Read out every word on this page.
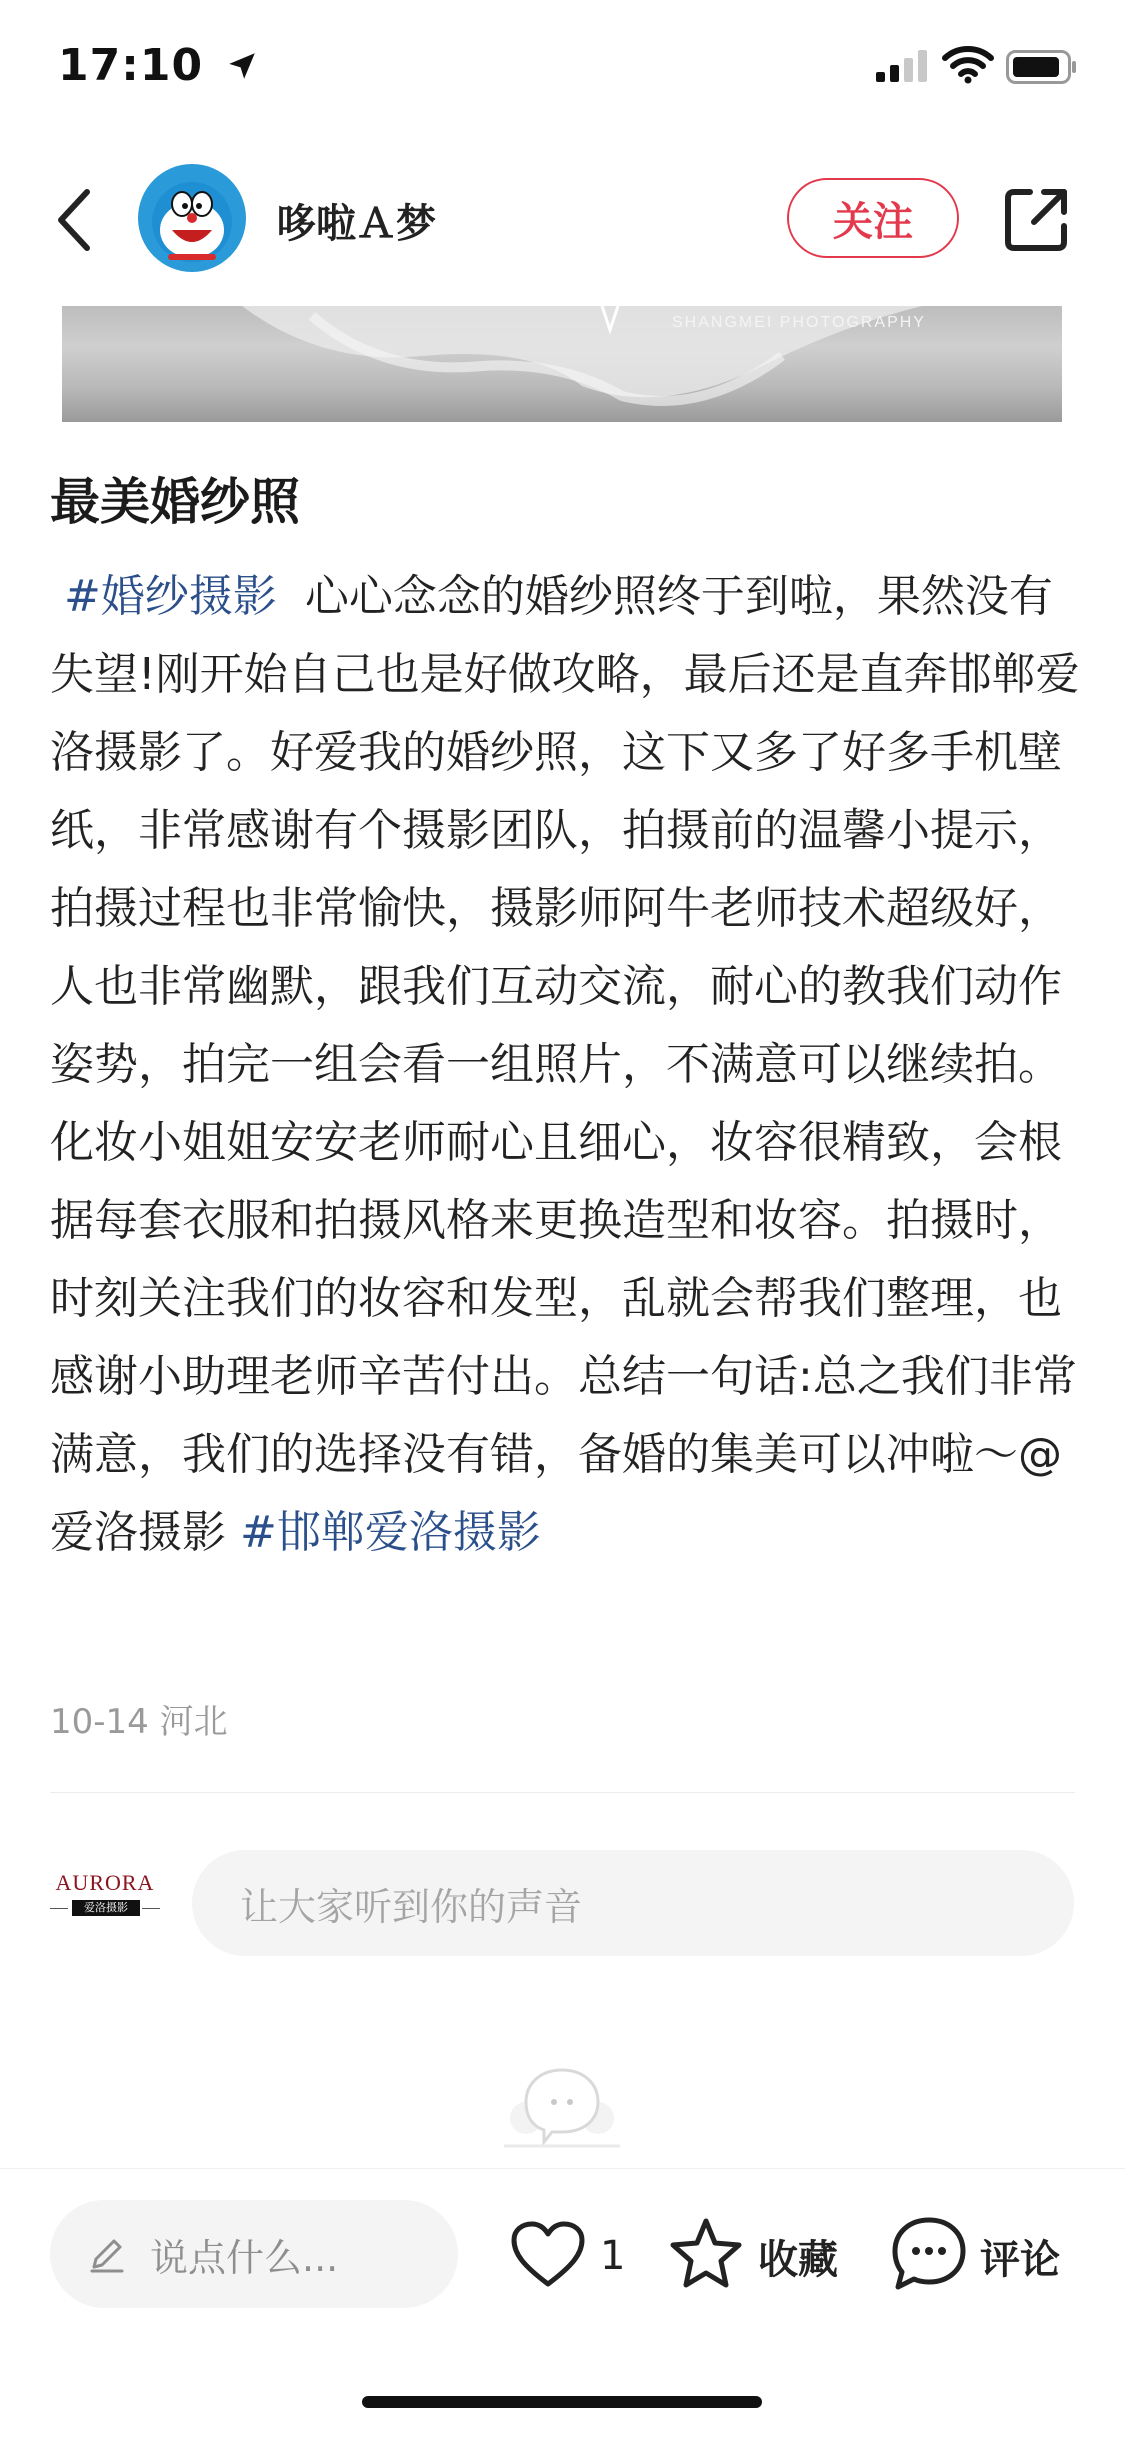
17:10
哆啦Ａ梦	关注
SHANGMEI PHOTOGRAPHY
最美婚纱照
#婚纱摄影 心心念念的婚纱照终于到啦，果然没有失望!刚开始自己也是好做攻略，最后还是直奔邯郸爱洛摄影了。好爱我的婚纱照，这下又多了好多手机壁纸，非常感谢有个摄影团队，拍摄前的温馨小提示，拍摄过程也非常愉快，摄影师阿牛老师技术超级好，人也非常幽默，跟我们互动交流，耐心的教我们动作姿势，拍完一组会看一组照片，不满意可以继续拍。化妆小姐姐安安老师耐心且细心，妆容很精致，会根据每套衣服和拍摄风格来更换造型和妆容。拍摄时，时刻关注我们的妆容和发型，乱就会帮我们整理，也感谢小助理老师辛苦付出。总结一句话:总之我们非常满意，我们的选择没有错，备婚的集美可以冲啦～@爱洛摄影 #邯郸爱洛摄影
10-14 河北
AURORA
爱洛摄影	让大家听到你的声音
说点什么...	1	收藏	评论
